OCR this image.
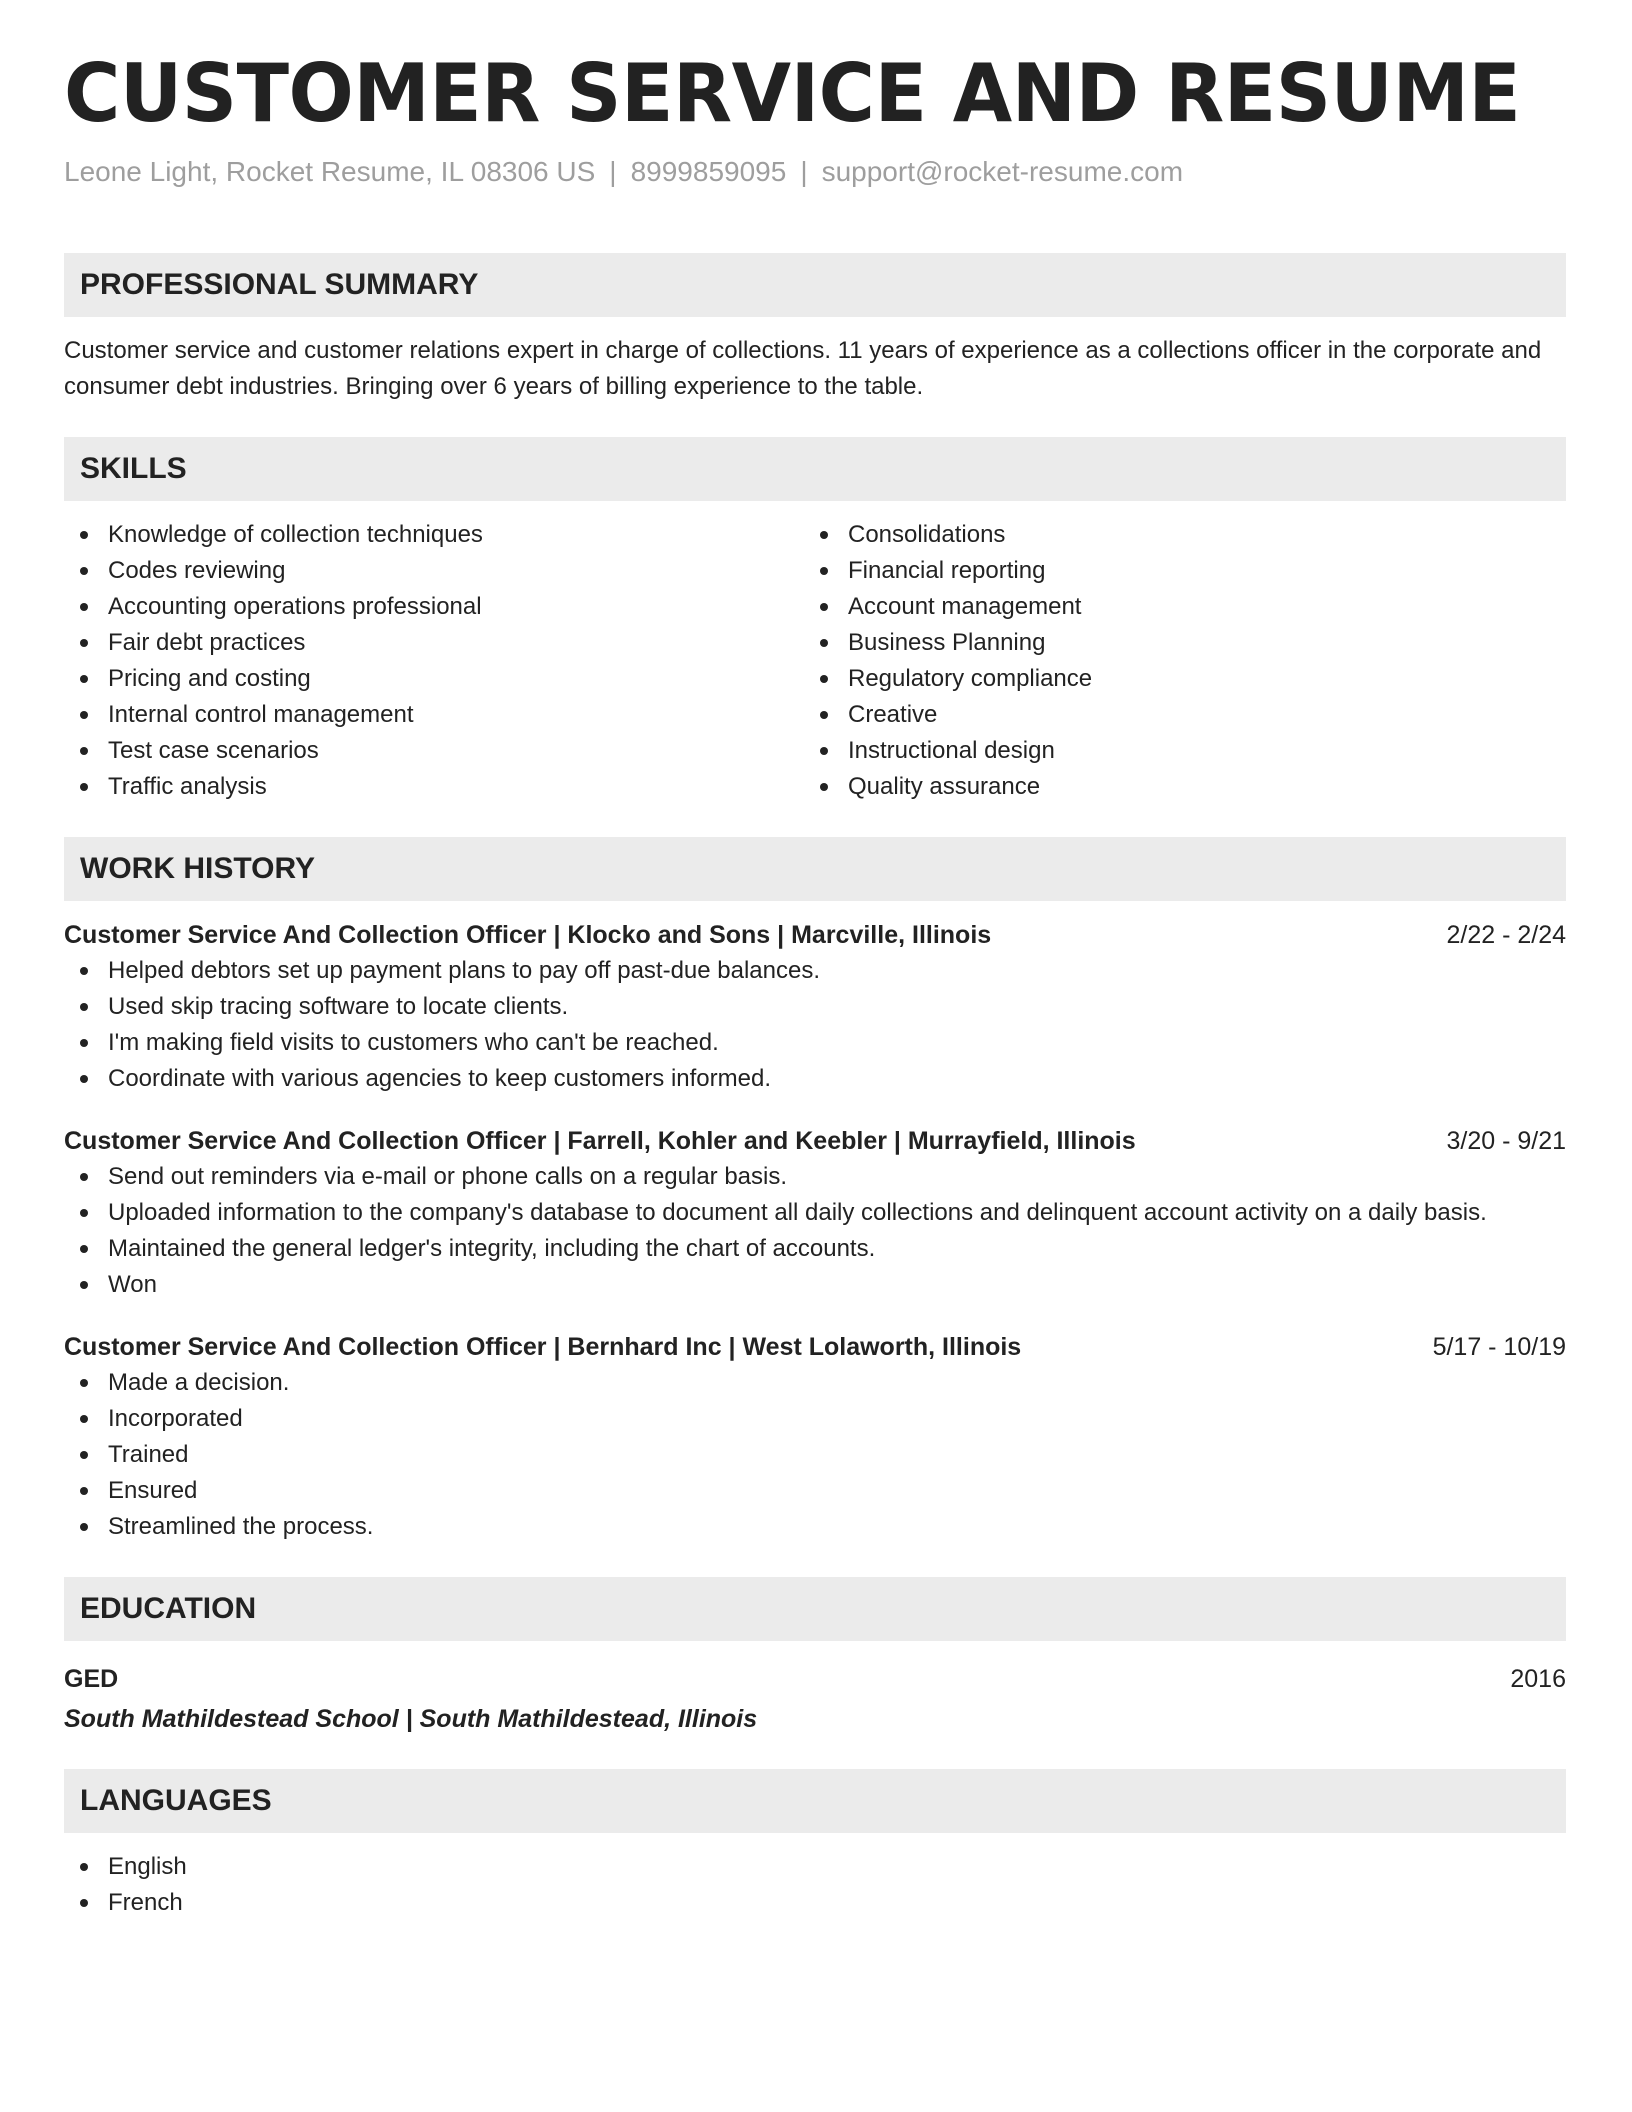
CUSTOMER SERVICE AND RESUME
Leone Light, Rocket Resume, IL 08306 US | 8999859095 | support@rocket-resume.com
PROFESSIONAL SUMMARY

Customer service and customer relations expert in charge of collections. 11 years of experience as a collections officer in the corporate and consumer debt industries. Bringing over 6 years of billing experience to the table.

SKILLS
Knowledge of collection techniques
Codes reviewing
Accounting operations professional
Fair debt practices
Pricing and costing
Internal control management
Test case scenarios
Traffic analysis
Consolidations
Financial reporting
Account management
Business Planning
Regulatory compliance
Creative
Instructional design
Quality assurance
WORK HISTORY
Customer Service And Collection Officer | Klocko and Sons | Marcville, Illinois	2/22 - 2/24
Helped debtors set up payment plans to pay off past-due balances.
Used skip tracing software to locate clients.
I'm making field visits to customers who can't be reached.
Coordinate with various agencies to keep customers informed.
Customer Service And Collection Officer | Farrell, Kohler and Keebler | Murrayfield, Illinois	3/20 - 9/21
Send out reminders via e-mail or phone calls on a regular basis.
Uploaded information to the company's database to document all daily collections and delinquent account activity on a daily basis.
Maintained the general ledger's integrity, including the chart of accounts.
Won
Customer Service And Collection Officer | Bernhard Inc | West Lolaworth, Illinois	5/17 - 10/19
Made a decision.
Incorporated
Trained
Ensured
Streamlined the process.
EDUCATION
GED	2016
South Mathildestead School | South Mathildestead, Illinois
LANGUAGES
English
French
